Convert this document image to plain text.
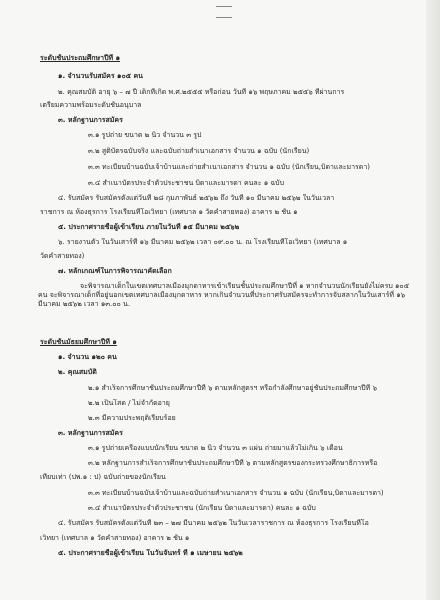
ระดับชั้นประถมศึกษาปีที่ ๑
๑. จำนวนรับสมัคร ๑๐๕ คน
๒. คุณสมบัติ อายุ ๖ – ๗ ปี เด็กที่เกิด พ.ศ.๒๕๕๕ หรือก่อน วันที่ ๑๖ พฤษภาคม ๒๕๕๖ ที่ผ่านการ
เตรียมความพร้อมระดับชั้นอนุบาล
๓. หลักฐานการสมัคร
๓.๑ รูปถ่าย ขนาด ๒ นิ้ว จำนวน ๓ รูป
๓.๒ สูติบัตรฉบับจริง และฉบับถ่ายสำเนาเอกสาร จำนวน ๑ ฉบับ (นักเรียน)
๓.๓ ทะเบียนบ้านฉบับเจ้าบ้านและถ่ายสำเนาเอกสาร จำนวน ๑ ฉบับ (นักเรียน,บิดาและมารดา)
๓.๔ สำเนาบัตรประจำตัวประชาชน บิดาและมารดา คนละ ๑ ฉบับ
๔. รับสมัคร รับสมัครตั้งแต่วันที่ ๒๘ กุมภาพันธ์ ๒๕๖๒ ถึง วันที่ ๑๐ มีนาคม ๒๕๖๒ ในวันเวลา
ราชการ ณ ห้องธุรการ โรงเรียนที่โอเวิทยา (เทศบาล ๑ วัดคำสายทอง) อาคาร ๒ ชั้น ๑
๕. ประกาศรายชื่อผู้เข้าเรียน ภายในวันที่ ๑๕ มีนาคม ๒๕๖๒
๖. รายงานตัว ในวันเสาร์ที่ ๑๖ มีนาคม ๒๕๖๒ เวลา ๐๙.๐๐ น. ณ โรงเรียนที่โอเวิทยา (เทศบาล ๑
วัดคำสายทอง)
๗. หลักเกณฑ์ในการพิจารณาคัดเลือก
จะพิจารณาเด็กในเขตเทศบาลเมืองมุกดาหารเข้าเรียนชั้นประถมศึกษาปีที่ ๑ หากจำนวนนักเรียนยังไม่ครบ ๑๐๕ คน จะพิจารณาเด็กที่อยู่นอกเขตเทศบาลเมืองมุกดาหาร หากเกินจำนวนที่ประกาศรับสมัครจะทำการจับสลากในวันเสาร์ที่ ๑๖ มีนาคม ๒๕๖๒ เวลา ๑๓.๐๐ น.
ระดับชั้นมัธยมศึกษาปีที่ ๑
๑. จำนวน ๑๒๐ คน
๒. คุณสมบัติ
๒.๑ สำเร็จการศึกษาชั้นประถมศึกษาปีที่ ๖ ตามหลักสูตรฯ หรือกำลังศึกษาอยู่ชั้นประถมศึกษาปีที่ ๖
๒.๒ เป็นโสด / ไม่จำกัดอายุ
๒.๓ มีความประพฤติเรียบร้อย
๓. หลักฐานการสมัคร
๓.๑ รูปถ่ายเครื่องแบบนักเรียน ขนาด ๒ นิ้ว จำนวน ๓ แผ่น ถ่ายมาแล้วไม่เกิน ๖ เดือน
๓.๒ หลักฐานการสำเร็จการศึกษาชั้นประถมศึกษาปีที่ ๖ ตามหลักสูตรของกระทรวงศึกษาธิการหรือ
เทียบเท่า (ปพ.๑ : ป) ฉบับถ่ายของนักเรียน
๓.๓ ทะเบียนบ้านฉบับเจ้าบ้านและฉบับถ่ายสำเนาเอกสาร จำนวน ๑ ฉบับ (นักเรียน,บิดาและมารดา)
๓.๔ สำเนาบัตรประจำตัวประชาชน (นักเรียน บิดาและมารดา) คนละ ๑ ฉบับ
๔. รับสมัคร รับสมัครตั้งแต่วันที่ ๒๓ – ๒๗ มีนาคม ๒๕๖๒ ในวันเวลาราชการ ณ ห้องธุรการ โรงเรียนที่โอ
เวิทยา (เทศบาล ๑ วัดคำสายทอง) อาคาร ๒ ชั้น ๑
๕. ประกาศรายชื่อผู้เข้าเรียน ในวันจันทร์ ที่ ๑ เมษายน ๒๕๖๒
